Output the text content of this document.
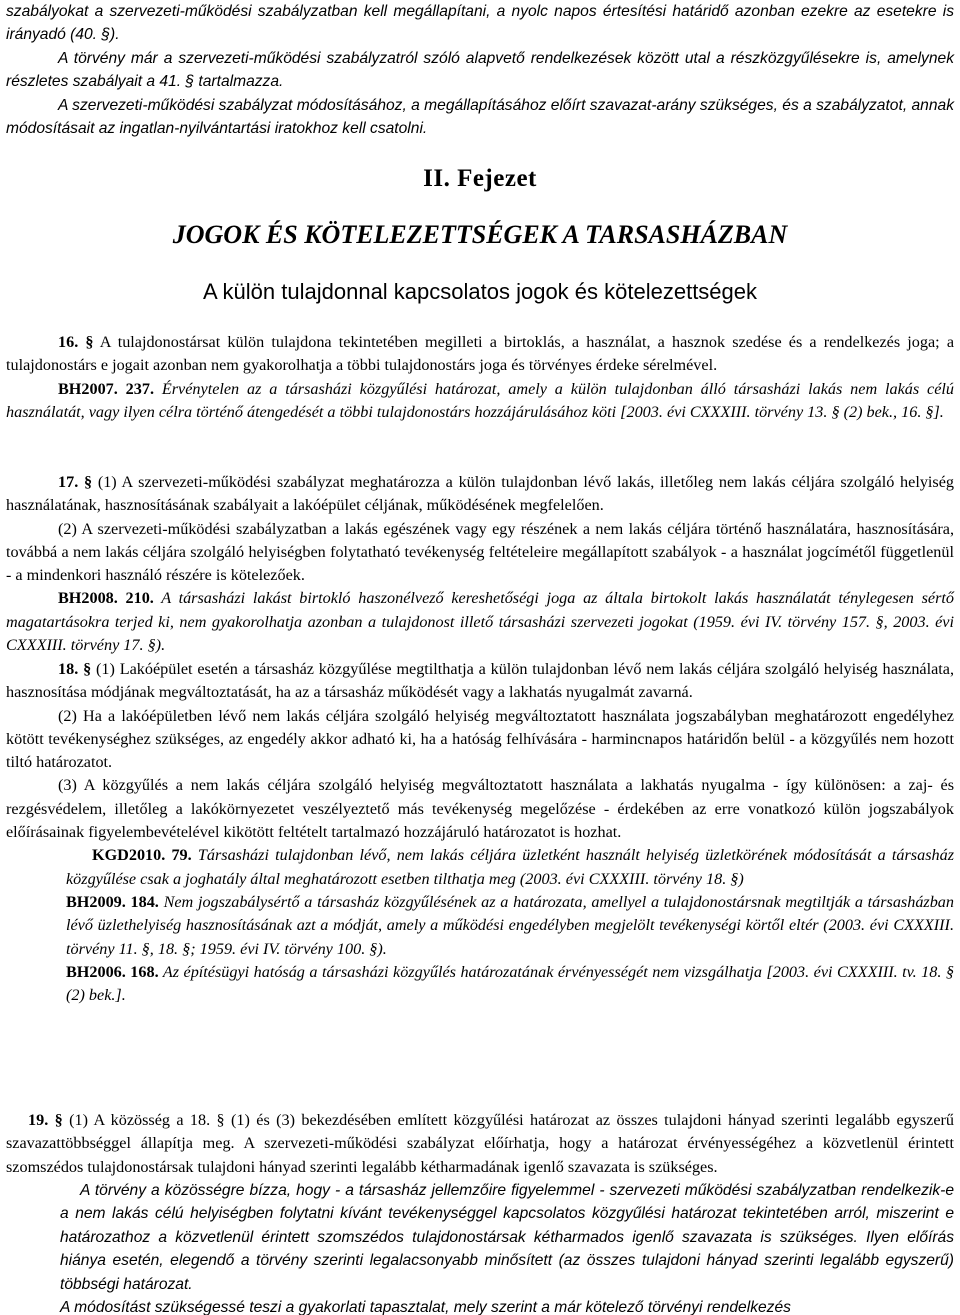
szabályokat a szervezeti-működési szabályzatban kell megállapítani, a nyolc napos értesítési határidő azonban ezekre az esetekre is irányadó (40. §).

A törvény már a szervezeti-működési szabályzatról szóló alapvető rendelkezések között utal a részközgyűlésekre is, amelynek részletes szabályait a 41. § tartalmazza.

A szervezeti-működési szabályzat módosításához, a megállapításához előírt szavazat-arány szükséges, és a szabályzatot, annak módosításait az ingatlan-nyilvántartási iratokhoz kell csatolni.

II. Fejezet
JOGOK ÉS KÖTELEZETTSÉGEK A TARSASHÁZBAN
A külön tulajdonnal kapcsolatos jogok és kötelezettségek

16. § A tulajdonostársat külön tulajdona tekintetében megilleti a birtoklás, a használat, a hasznok szedése és a rendelkezés joga; a tulajdonostárs e jogait azonban nem gyakorolhatja a többi tulajdonostárs joga és törvényes érdeke sérelmével.

BH2007. 237. Érvénytelen az a társasházi közgyűlési határozat, amely a külön tulajdonban álló társasházi lakás nem lakás célú használatát, vagy ilyen célra történő átengedését a többi tulajdonostárs hozzájárulásához köti [2003. évi CXXXIII. törvény 13. § (2) bek., 16. §].

17. § (1) A szervezeti-működési szabályzat meghatározza a külön tulajdonban lévő lakás, illetőleg nem lakás céljára szolgáló helyiség használatának, hasznosításának szabályait a lakóépület céljának, működésének megfelelően.

(2) A szervezeti-működési szabályzatban a lakás egészének vagy egy részének a nem lakás céljára történő használatára, hasznosítására, továbbá a nem lakás céljára szolgáló helyiségben folytatható tevékenység feltételeire megállapított szabályok - a használat jogcímétől függetlenül - a mindenkori használó részére is kötelezőek.

BH2008. 210. A társasházi lakást birtokló haszonélvező kereshetőségi joga az általa birtokolt lakás használatát ténylegesen sértő magatartásokra terjed ki, nem gyakorolhatja azonban a tulajdonost illető társasházi szervezeti jogokat (1959. évi IV. törvény 157. §, 2003. évi CXXXIII. törvény 17. §).

18. § (1) Lakóépület esetén a társasház közgyűlése megtilthatja a külön tulajdonban lévő nem lakás céljára szolgáló helyiség használata, hasznosítása módjának megváltoztatását, ha az a társasház működését vagy a lakhatás nyugalmát zavarná.

(2) Ha a lakóépületben lévő nem lakás céljára szolgáló helyiség megváltoztatott használata jogszabályban meghatározott engedélyhez kötött tevékenységhez szükséges, az engedély akkor adható ki, ha a hatóság felhívására - harmincnapos határidőn belül - a közgyűlés nem hozott tiltó határozatot.

(3) A közgyűlés a nem lakás céljára szolgáló helyiség megváltoztatott használata a lakhatás nyugalma - így különösen: a zaj- és rezgésvédelem, illetőleg a lakókörnyezetet veszélyeztető más tevékenység megelőzése - érdekében az erre vonatkozó külön jogszabályok előírásainak figyelembevételével kikötött feltételt tartalmazó hozzájáruló határozatot is hozhat.

KGD2010. 79. Társasházi tulajdonban lévő, nem lakás céljára üzletként használt helyiség üzletkörének módosítását a társasház közgyűlése csak a joghatály által meghatározott esetben tilthatja meg (2003. évi CXXXIII. törvény 18. §)

BH2009. 184. Nem jogszabálysértő a társasház közgyűlésének az a határozata, amellyel a tulajdonostársnak megtiltják a társasházban lévő üzlethelyiség hasznosításának azt a módját, amely a működési engedélyben megjelölt tevékenységi körtől eltér (2003. évi CXXXIII. törvény 11. §, 18. §; 1959. évi IV. törvény 100. §).

BH2006. 168. Az építésügyi hatóság a társasházi közgyűlés határozatának érvényességét nem vizsgálhatja [2003. évi CXXXIII. tv. 18. § (2) bek.].

19. § (1) A közösség a 18. § (1) és (3) bekezdésében említett közgyűlési határozat az összes tulajdoni hányad szerinti legalább egyszerű szavazattöbbséggel állapítja meg. A szervezeti-működési szabályzat előírhatja, hogy a határozat érvényességéhez a közvetlenül érintett szomszédos tulajdonostársak tulajdoni hányad szerinti legalább kétharmadának igenlő szavazata is szükséges.

A törvény a közösségre bízza, hogy - a társasház jellemzőire figyelemmel - szervezeti működési szabályzatban rendelkezik-e a nem lakás célú helyiségben folytatni kívánt tevékenységgel kapcsolatos közgyűlési határozat tekintetében arról, miszerint e határozathoz a közvetlenül érintett szomszédos tulajdonostársak kétharmados igenlő szavazata is szükséges. Ilyen előírás hiánya esetén, elegendő a törvény szerinti legalacsonyabb minősített (az összes tulajdoni hányad szerinti legalább egyszerű) többségi határozat.

A módosítást szükségessé teszi a gyakorlati tapasztalat, mely szerint a már kötelező törvényi rendelkezés
